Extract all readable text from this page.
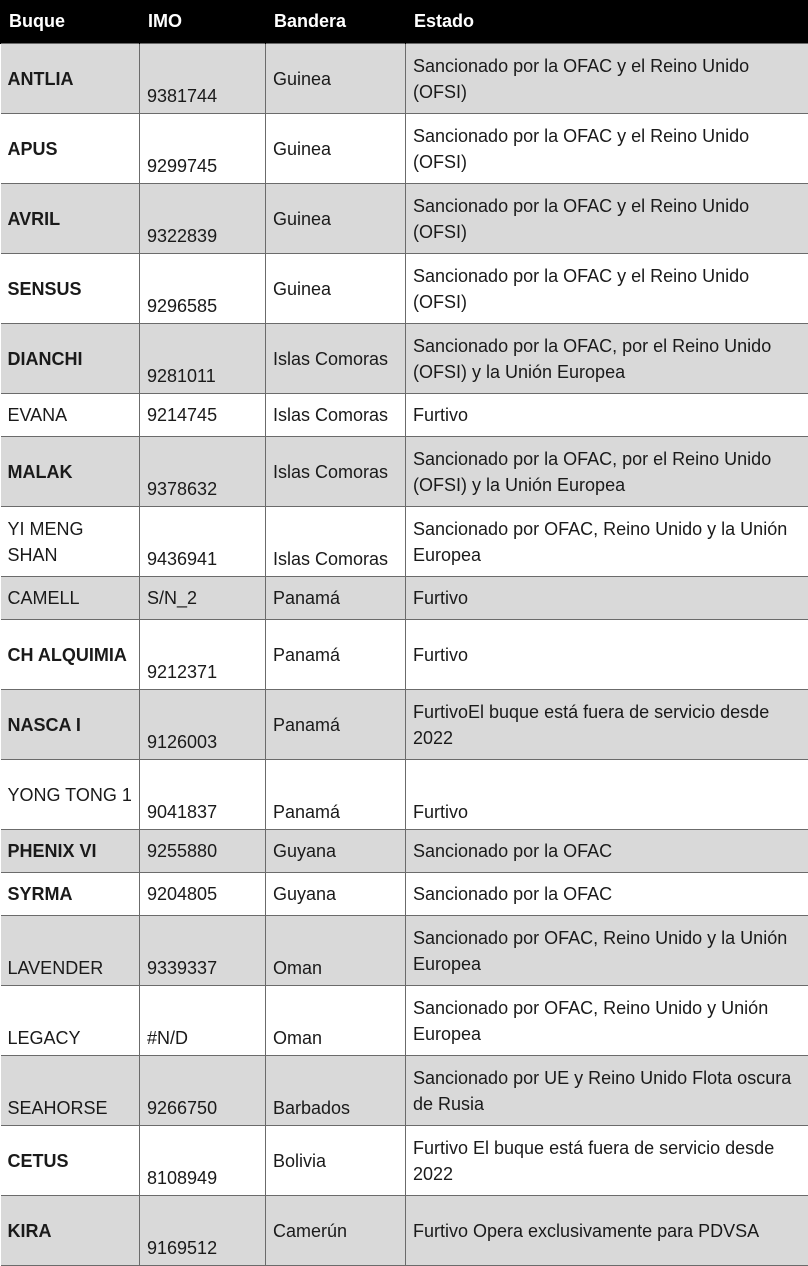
Buque	IMO	Bandera	Estado
ANTLIA	9381744	Guinea	Sancionado por la OFAC y el Reino Unido (OFSI)
APUS	9299745	Guinea	Sancionado por la OFAC y el Reino Unido (OFSI)
AVRIL	9322839	Guinea	Sancionado por la OFAC y el Reino Unido (OFSI)
SENSUS	9296585	Guinea	Sancionado por la OFAC y el Reino Unido (OFSI)
DIANCHI	9281011	Islas Comoras	Sancionado por la OFAC, por el Reino Unido (OFSI) y la Unión Europea
EVANA	9214745	Islas Comoras	Furtivo
MALAK	9378632	Islas Comoras	Sancionado por la OFAC, por el Reino Unido (OFSI) y la Unión Europea
YI MENG SHAN	9436941	Islas Comoras	Sancionado por OFAC, Reino Unido y la Unión Europea
CAMELL	S/N_2	Panamá	Furtivo
CH ALQUIMIA	9212371	Panamá	Furtivo
NASCA I	9126003	Panamá	FurtivoEl buque está fuera de servicio desde 2022
YONG TONG 1	9041837	Panamá	Furtivo
PHENIX VI	9255880	Guyana	Sancionado por la OFAC
SYRMA	9204805	Guyana	Sancionado por la OFAC
LAVENDER	9339337	Oman	Sancionado por OFAC, Reino Unido y la Unión Europea
LEGACY	#N/D	Oman	Sancionado por OFAC, Reino Unido y Unión Europea
SEAHORSE	9266750	Barbados	Sancionado por UE y Reino Unido Flota oscura de Rusia
CETUS	8108949	Bolivia	Furtivo El buque está fuera de servicio desde 2022
KIRA	9169512	Camerún	Furtivo Opera exclusivamente para PDVSA
